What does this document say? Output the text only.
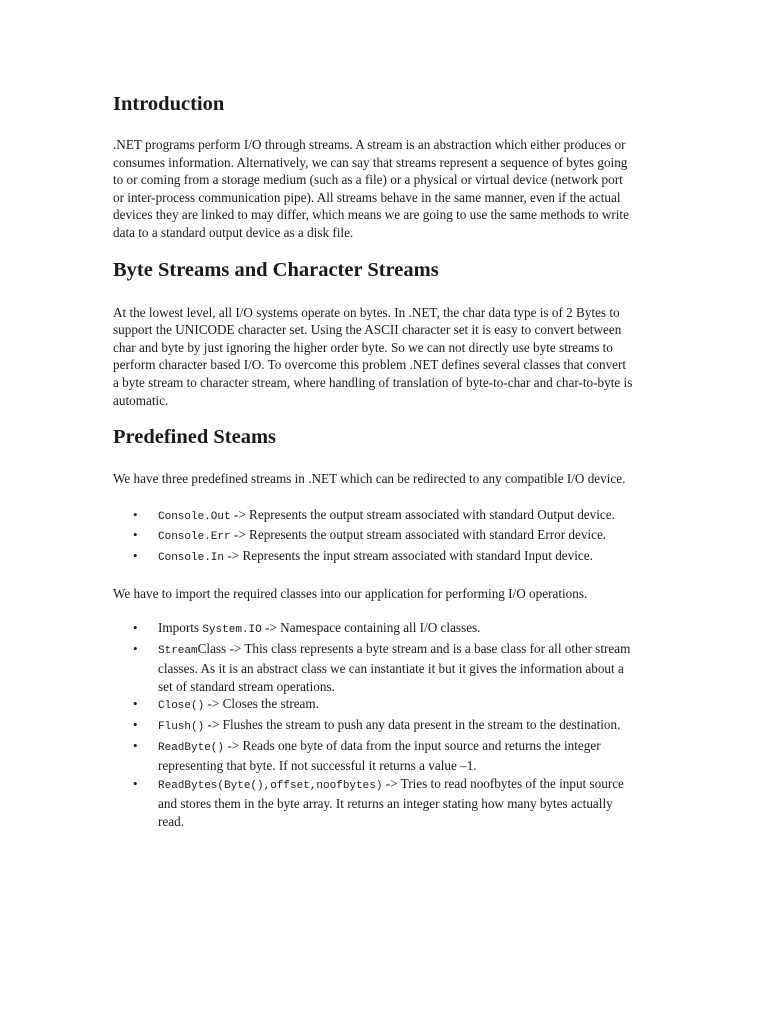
Introduction

.NET programs perform I/O through streams. A stream is an abstraction which either produces or consumes information. Alternatively, we can say that streams represent a sequence of bytes going to or coming from a storage medium (such as a file) or a physical or virtual device (network port or inter-process communication pipe). All streams behave in the same manner, even if the actual devices they are linked to may differ, which means we are going to use the same methods to write data to a standard output device as a disk file.

Byte Streams and Character Streams

At the lowest level, all I/O systems operate on bytes. In .NET, the char data type is of 2 Bytes to support the UNICODE character set. Using the ASCII character set it is easy to convert between char and byte by just ignoring the higher order byte. So we can not directly use byte streams to perform character based I/O. To overcome this problem .NET defines several classes that convert a byte stream to character stream, where handling of translation of byte-to-char and char-to-byte is automatic.

Predefined Steams

We have three predefined streams in .NET which can be redirected to any compatible I/O device.

• Console.Out -> Represents the output stream associated with standard Output device.
• Console.Err -> Represents the output stream associated with standard Error device.
• Console.In -> Represents the input stream associated with standard Input device.

We have to import the required classes into our application for performing I/O operations.

• Imports System.IO -> Namespace containing all I/O classes.
• StreamClass -> This class represents a byte stream and is a base class for all other stream classes. As it is an abstract class we can instantiate it but it gives the information about a set of standard stream operations.
• Close() -> Closes the stream.
• Flush() -> Flushes the stream to push any data present in the stream to the destination.
• ReadByte() -> Reads one byte of data from the input source and returns the integer representing that byte. If not successful it returns a value –1.
• ReadBytes(Byte(),offset,noofbytes) -> Tries to read noofbytes of the input source and stores them in the byte array. It returns an integer stating how many bytes actually read.
